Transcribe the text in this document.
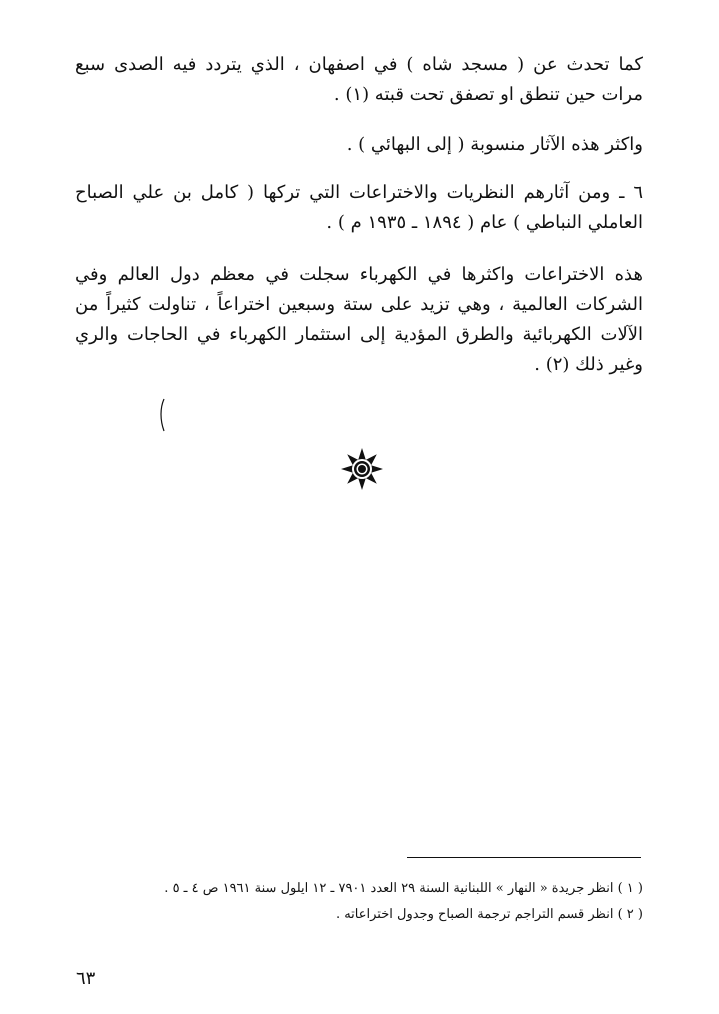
كما تحدث عن ( مسجد شاه ) في اصفهان ، الذي يتردد فيه الصدى سبع مرات حين تنطق او تصفق تحت قبته (١) .

واكثر هذه الآثار منسوبة ( إلى البهائي ) .

٦ ـ ومن آثارهم النظريات والاختراعات التي تركها ( كامل بن علي الصباح العاملي النباطي ) عام ( ١٨٩٤ ـ ١٩٣٥ م ) .

هذه الاختراعات واكثرها في الكهرباء سجلت في معظم دول العالم وفي الشركات العالمية ، وهي تزيد على ستة وسبعين اختراعاً ، تناولت كثيراً من الآلات الكهربائية والطرق المؤدية إلى استثمار الكهرباء في الحاجات والري وغير ذلك (٢) .

( ١ ) انظر جريدة « النهار » اللبنانية السنة ٢٩ العدد ٧٩٠١ ـ ١٢ ايلول سنة ١٩٦١ ص ٤ ـ ٥ .
( ٢ ) انظر قسم التراجم ترجمة الصباح وجدول اختراعاته .
٦٣
